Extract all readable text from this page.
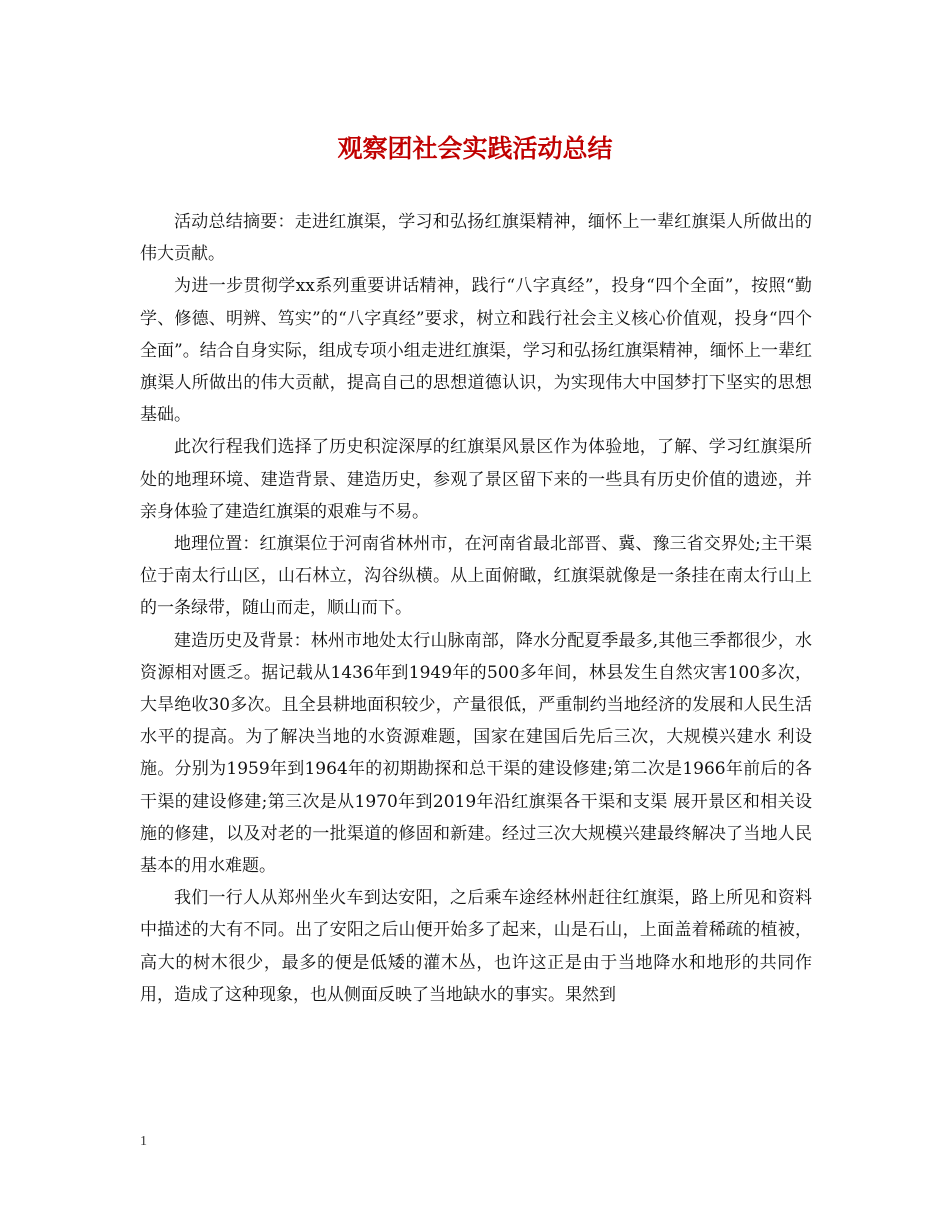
观察团社会实践活动总结

活动总结摘要：走进红旗渠，学习和弘扬红旗渠精神，缅怀上一辈红旗渠人所做出的伟大贡献。

为进一步贯彻学xx系列重要讲话精神，践行“八字真经”，投身“四个全面”，按照“勤学、修德、明辨、笃实”的“八字真经”要求，树立和践行社会主义核心价值观，投身“四个全面”。结合自身实际，组成专项小组走进红旗渠，学习和弘扬红旗渠精神，缅怀上一辈红旗渠人所做出的伟大贡献，提高自己的思想道德认识，为实现伟大中国梦打下坚实的思想基础。

此次行程我们选择了历史积淀深厚的红旗渠风景区作为体验地，了解、学习红旗渠所处的地理环境、建造背景、建造历史，参观了景区留下来的一些具有历史价值的遗迹，并亲身体验了建造红旗渠的艰难与不易。

地理位置：红旗渠位于河南省林州市，在河南省最北部晋、冀、豫三省交界处;主干渠位于南太行山区，山石林立，沟谷纵横。从上面俯瞰，红旗渠就像是一条挂在南太行山上的一条绿带，随山而走，顺山而下。

建造历史及背景：林州市地处太行山脉南部，降水分配夏季最多,其他三季都很少，水资源相对匮乏。据记载从1436年到1949年的500多年间，林县发生自然灾害100多次，大旱绝收30多次。且全县耕地面积较少，产量很低，严重制约当地经济的发展和人民生活水平的提高。为了解决当地的水资源难题，国家在建国后先后三次，大规模兴建水 利设施。分别为1959年到1964年的初期勘探和总干渠的建设修建;第二次是1966年前后的各干渠的建设修建;第三次是从1970年到2019年沿红旗渠各干渠和支渠 展开景区和相关设施的修建，以及对老的一批渠道的修固和新建。经过三次大规模兴建最终解决了当地人民基本的用水难题。

我们一行人从郑州坐火车到达安阳，之后乘车途经林州赶往红旗渠，路上所见和资料中描述的大有不同。出了安阳之后山便开始多了起来，山是石山，上面盖着稀疏的植被，高大的树木很少，最多的便是低矮的灌木丛，也许这正是由于当地降水和地形的共同作用，造成了这种现象，也从侧面反映了当地缺水的事实。果然到

1
